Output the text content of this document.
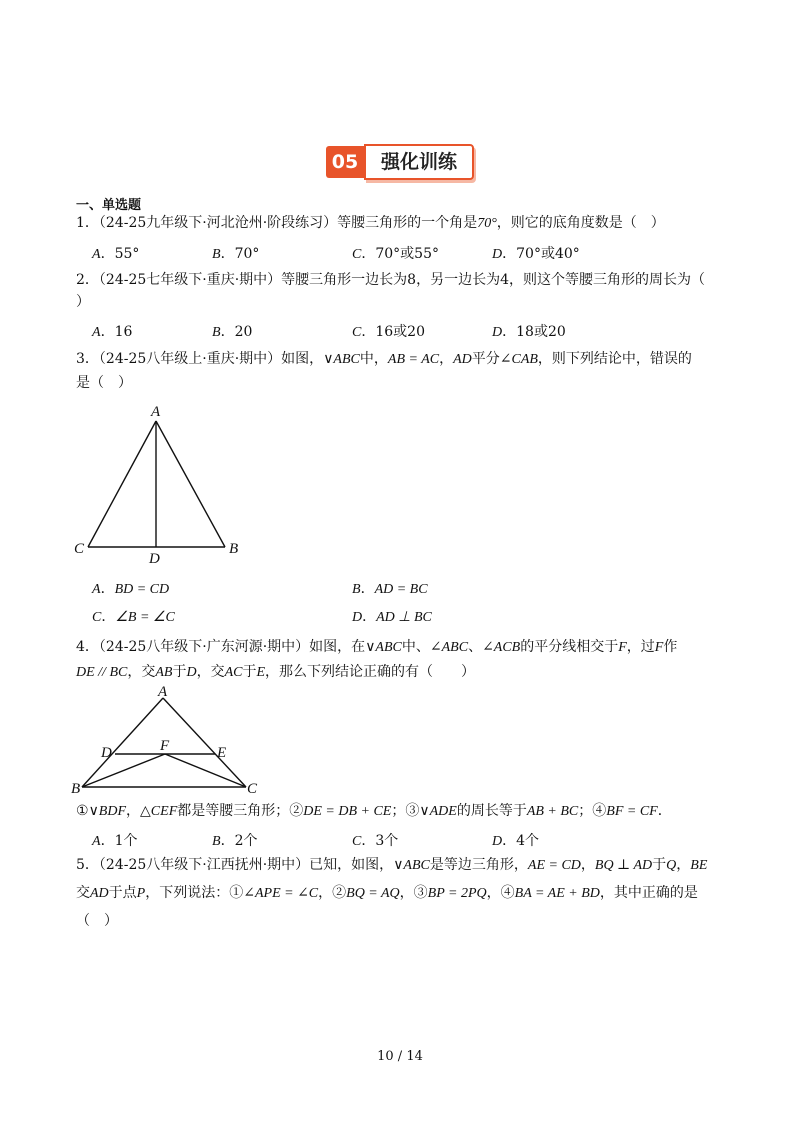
05	强化训练
一、单选题
1．（24-25九年级下·河北沧州·阶段练习）等腰三角形的一个角是70°，则它的底角度数是（　）
A．55°	B．70°	C．70°或55°	D．70°或40°
2．（24-25七年级下·重庆·期中）等腰三角形一边长为8，另一边长为4，则这个等腰三角形的周长为（
）
A．16	B．20	C．16或20	D．18或20
3．（24-25八年级上·重庆·期中）如图，∨ABC中，AB = AC，AD平分∠CAB，则下列结论中，错误的
是（　）
A
C	B
D
A．BD = CD	B．AD = BC
C．∠B = ∠C	D．AD ⊥ BC
4．（24-25八年级下·广东河源·期中）如图，在∨ABC中、∠ABC、∠ACB的平分线相交于F，过F作
DE // BC，交AB于D，交AC于E，那么下列结论正确的有（　　）
A
D	F	E
B	C
①∨BDF，△CEF都是等腰三角形；②DE = DB + CE；③∨ADE的周长等于AB + BC；④BF = CF．
A．1个	B．2个	C．3个	D．4个
5．（24-25八年级下·江西抚州·期中）已知，如图，∨ABC是等边三角形，AE = CD，BQ ⊥ AD于Q，BE
交AD于点P，下列说法：①∠APE = ∠C，②BQ = AQ，③BP = 2PQ，④BA = AE + BD，其中正确的是
（　）
10 / 14
